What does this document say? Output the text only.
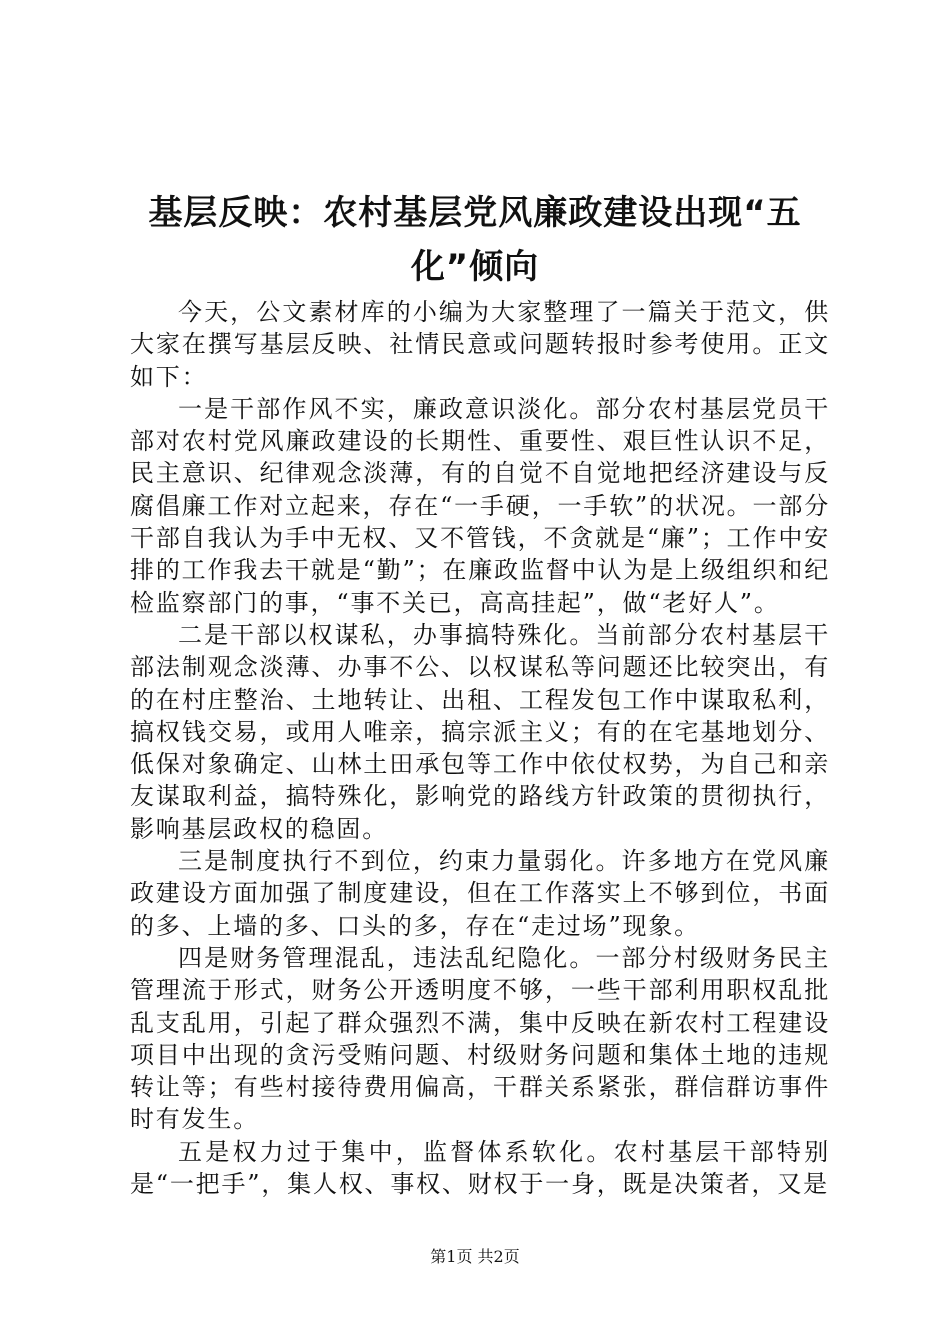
基层反映：农村基层党风廉政建设出现“五化”倾向

今天，公文素材库的小编为大家整理了一篇关于范文，供大家在撰写基层反映、社情民意或问题转报时参考使用。正文如下：

一是干部作风不实，廉政意识淡化。部分农村基层党员干部对农村党风廉政建设的长期性、重要性、艰巨性认识不足，民主意识、纪律观念淡薄，有的自觉不自觉地把经济建设与反腐倡廉工作对立起来，存在“一手硬，一手软”的状况。一部分干部自我认为手中无权、又不管钱，不贪就是“廉”；工作中安排的工作我去干就是“勤”；在廉政监督中认为是上级组织和纪检监察部门的事，“事不关已，高高挂起”，做“老好人”。

二是干部以权谋私，办事搞特殊化。当前部分农村基层干部法制观念淡薄、办事不公、以权谋私等问题还比较突出，有的在村庄整治、土地转让、出租、工程发包工作中谋取私利，搞权钱交易，或用人唯亲，搞宗派主义；有的在宅基地划分、低保对象确定、山林土田承包等工作中依仗权势，为自己和亲友谋取利益，搞特殊化，影响党的路线方针政策的贯彻执行，影响基层政权的稳固。

三是制度执行不到位，约束力量弱化。许多地方在党风廉政建设方面加强了制度建设，但在工作落实上不够到位，书面的多、上墙的多、口头的多，存在“走过场”现象。

四是财务管理混乱，违法乱纪隐化。一部分村级财务民主管理流于形式，财务公开透明度不够，一些干部利用职权乱批乱支乱用，引起了群众强烈不满，集中反映在新农村工程建设项目中出现的贪污受贿问题、村级财务问题和集体土地的违规转让等；有些村接待费用偏高，干群关系紧张，群信群访事件时有发生。

五是权力过于集中，监督体系软化。农村基层干部特别是“一把手”，集人权、事权、财权于一身，既是决策者，又是

第1页 共2页
